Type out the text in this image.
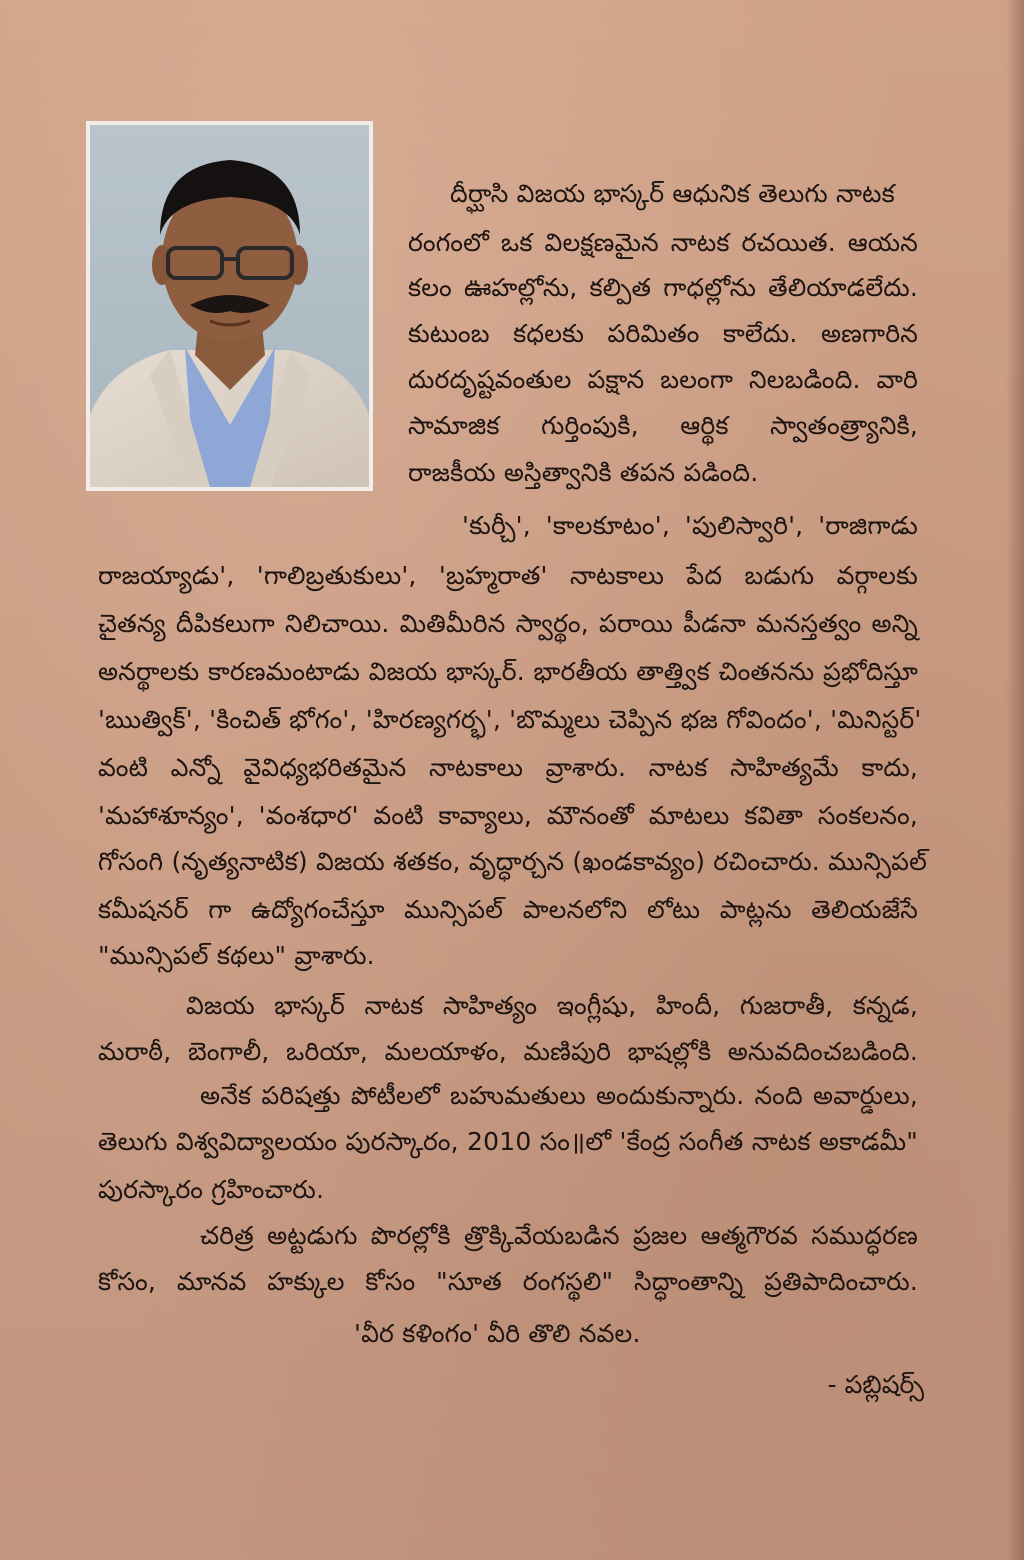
దీర్ఘాసి విజయ భాస్కర్ ఆధునిక తెలుగు నాటక
రంగంలో ఒక విలక్షణమైన నాటక రచయిత. ఆయన
కలం ఊహల్లోను, కల్పిత గాధల్లోను తేలియాడలేదు.
కుటుంబ కధలకు పరిమితం కాలేదు. అణగారిన
దురదృష్టవంతుల పక్షాన బలంగా నిలబడింది. వారి
సామాజిక గుర్తింపుకి, ఆర్థిక స్వాతంత్ర్యానికి,
రాజకీయ అస్తిత్వానికి తపన పడింది.
'కుర్చీ', 'కాలకూటం', 'పులిస్వారి', 'రాజిగాడు
రాజయ్యాడు', 'గాలిబ్రతుకులు', 'బ్రహ్మరాత' నాటకాలు పేద బడుగు వర్గాలకు
చైతన్య దీపికలుగా నిలిచాయి. మితిమీరిన స్వార్థం, పరాయి పీడనా మనస్తత్వం అన్ని
అనర్థాలకు కారణమంటాడు విజయ భాస్కర్. భారతీయ తాత్త్విక చింతనను ప్రభోదిస్తూ
'ఋత్విక్', 'కించిత్ భోగం', 'హిరణ్యగర్భ', 'బొమ్మలు చెప్పిన భజ గోవిందం', 'మినిస్టర్'
వంటి ఎన్నో వైవిధ్యభరితమైన నాటకాలు వ్రాశారు. నాటక సాహిత్యమే కాదు,
'మహాశూన్యం', 'వంశధార' వంటి కావ్యాలు, మౌనంతో మాటలు కవితా సంకలనం,
గోసంగి (నృత్యనాటిక) విజయ శతకం, వృద్ధార్చన (ఖండకావ్యం) రచించారు. మున్సిపల్
కమీషనర్ గా ఉద్యోగంచేస్తూ మున్సిపల్ పాలనలోని లోటు పాట్లను తెలియజేసే
"మున్సిపల్ కథలు" వ్రాశారు.
విజయ భాస్కర్ నాటక సాహిత్యం ఇంగ్లీషు, హిందీ, గుజరాతీ, కన్నడ,
మరాఠీ, బెంగాలీ, ఒరియా, మలయాళం, మణిపురి భాషల్లోకి అనువదించబడింది.
అనేక పరిషత్తు పోటీలలో బహుమతులు అందుకున్నారు. నంది అవార్డులు,
తెలుగు విశ్వవిద్యాలయం పురస్కారం, 2010 సం॥లో 'కేంద్ర సంగీత నాటక అకాడమీ"
పురస్కారం గ్రహించారు.
చరిత్ర అట్టడుగు పొరల్లోకి త్రొక్కివేయబడిన ప్రజల ఆత్మగౌరవ సముద్ధరణ
కోసం, మానవ హక్కుల కోసం "సూత రంగస్థలి" సిద్ధాంతాన్ని ప్రతిపాదించారు.
'వీర కళింగం' వీరి తొలి నవల.
- పబ్లిషర్స్
